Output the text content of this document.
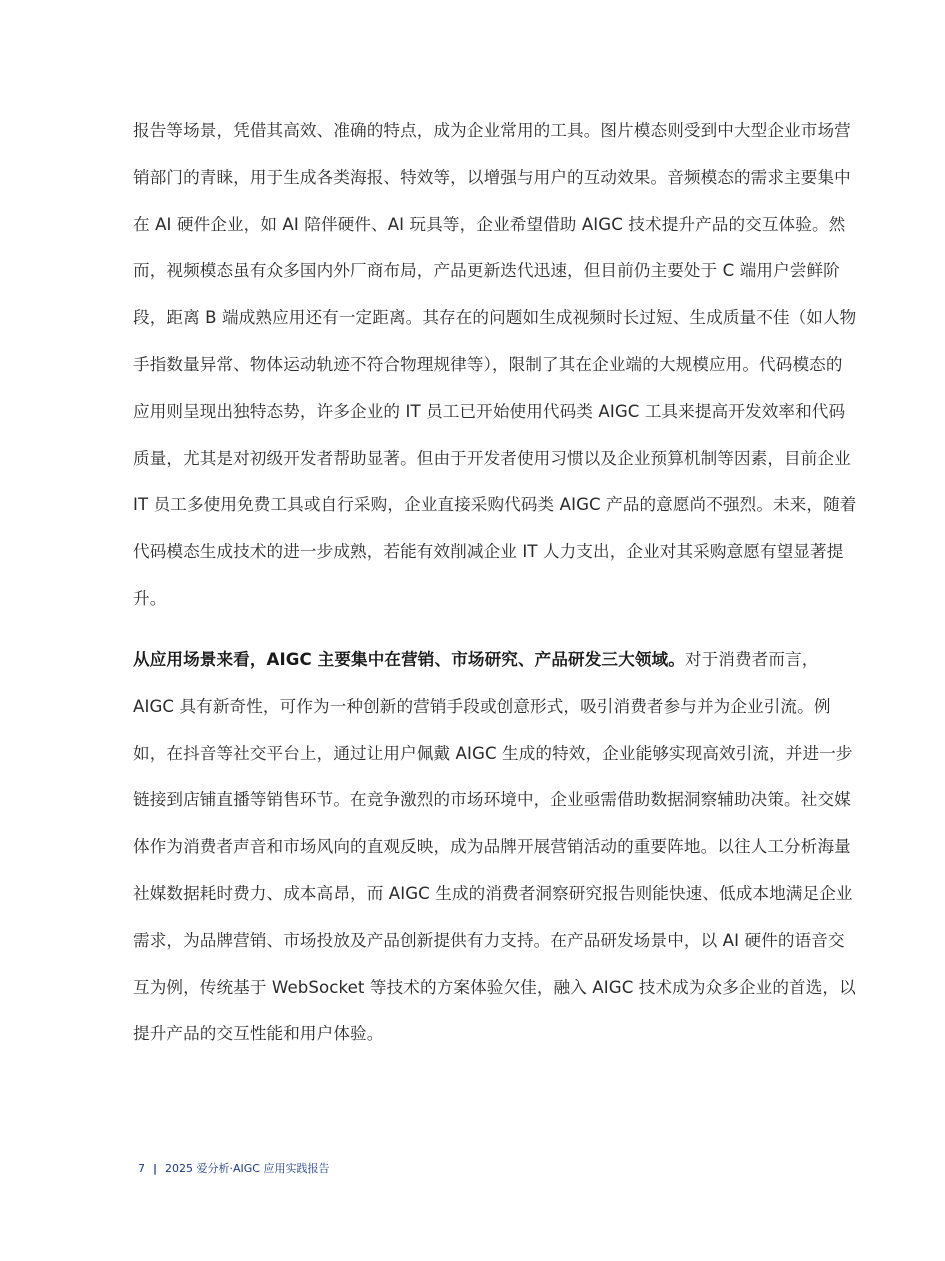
报告等场景，凭借其高效、准确的特点，成为企业常用的工具。图片模态则受到中大型企业市场营
销部门的青睐，用于生成各类海报、特效等，以增强与用户的互动效果。音频模态的需求主要集中
在 AI 硬件企业，如 AI 陪伴硬件、AI 玩具等，企业希望借助 AIGC 技术提升产品的交互体验。然
而，视频模态虽有众多国内外厂商布局，产品更新迭代迅速，但目前仍主要处于 C 端用户尝鲜阶
段，距离 B 端成熟应用还有一定距离。其存在的问题如生成视频时长过短、生成质量不佳（如人物
手指数量异常、物体运动轨迹不符合物理规律等），限制了其在企业端的大规模应用。代码模态的
应用则呈现出独特态势，许多企业的 IT 员工已开始使用代码类 AIGC 工具来提高开发效率和代码
质量，尤其是对初级开发者帮助显著。但由于开发者使用习惯以及企业预算机制等因素，目前企业
IT 员工多使用免费工具或自行采购，企业直接采购代码类 AIGC 产品的意愿尚不强烈。未来，随着
代码模态生成技术的进一步成熟，若能有效削减企业 IT 人力支出，企业对其采购意愿有望显著提
升。
从应用场景来看，AIGC 主要集中在营销、市场研究、产品研发三大领域。对于消费者而言，
AIGC 具有新奇性，可作为一种创新的营销手段或创意形式，吸引消费者参与并为企业引流。例
如，在抖音等社交平台上，通过让用户佩戴 AIGC 生成的特效，企业能够实现高效引流，并进一步
链接到店铺直播等销售环节。在竞争激烈的市场环境中，企业亟需借助数据洞察辅助决策。社交媒
体作为消费者声音和市场风向的直观反映，成为品牌开展营销活动的重要阵地。以往人工分析海量
社媒数据耗时费力、成本高昂，而 AIGC 生成的消费者洞察研究报告则能快速、低成本地满足企业
需求，为品牌营销、市场投放及产品创新提供有力支持。在产品研发场景中，以 AI 硬件的语音交
互为例，传统基于 WebSocket 等技术的方案体验欠佳，融入 AIGC 技术成为众多企业的首选，以
提升产品的交互性能和用户体验。
7 | 2025 爱分析·AIGC 应用实践报告
